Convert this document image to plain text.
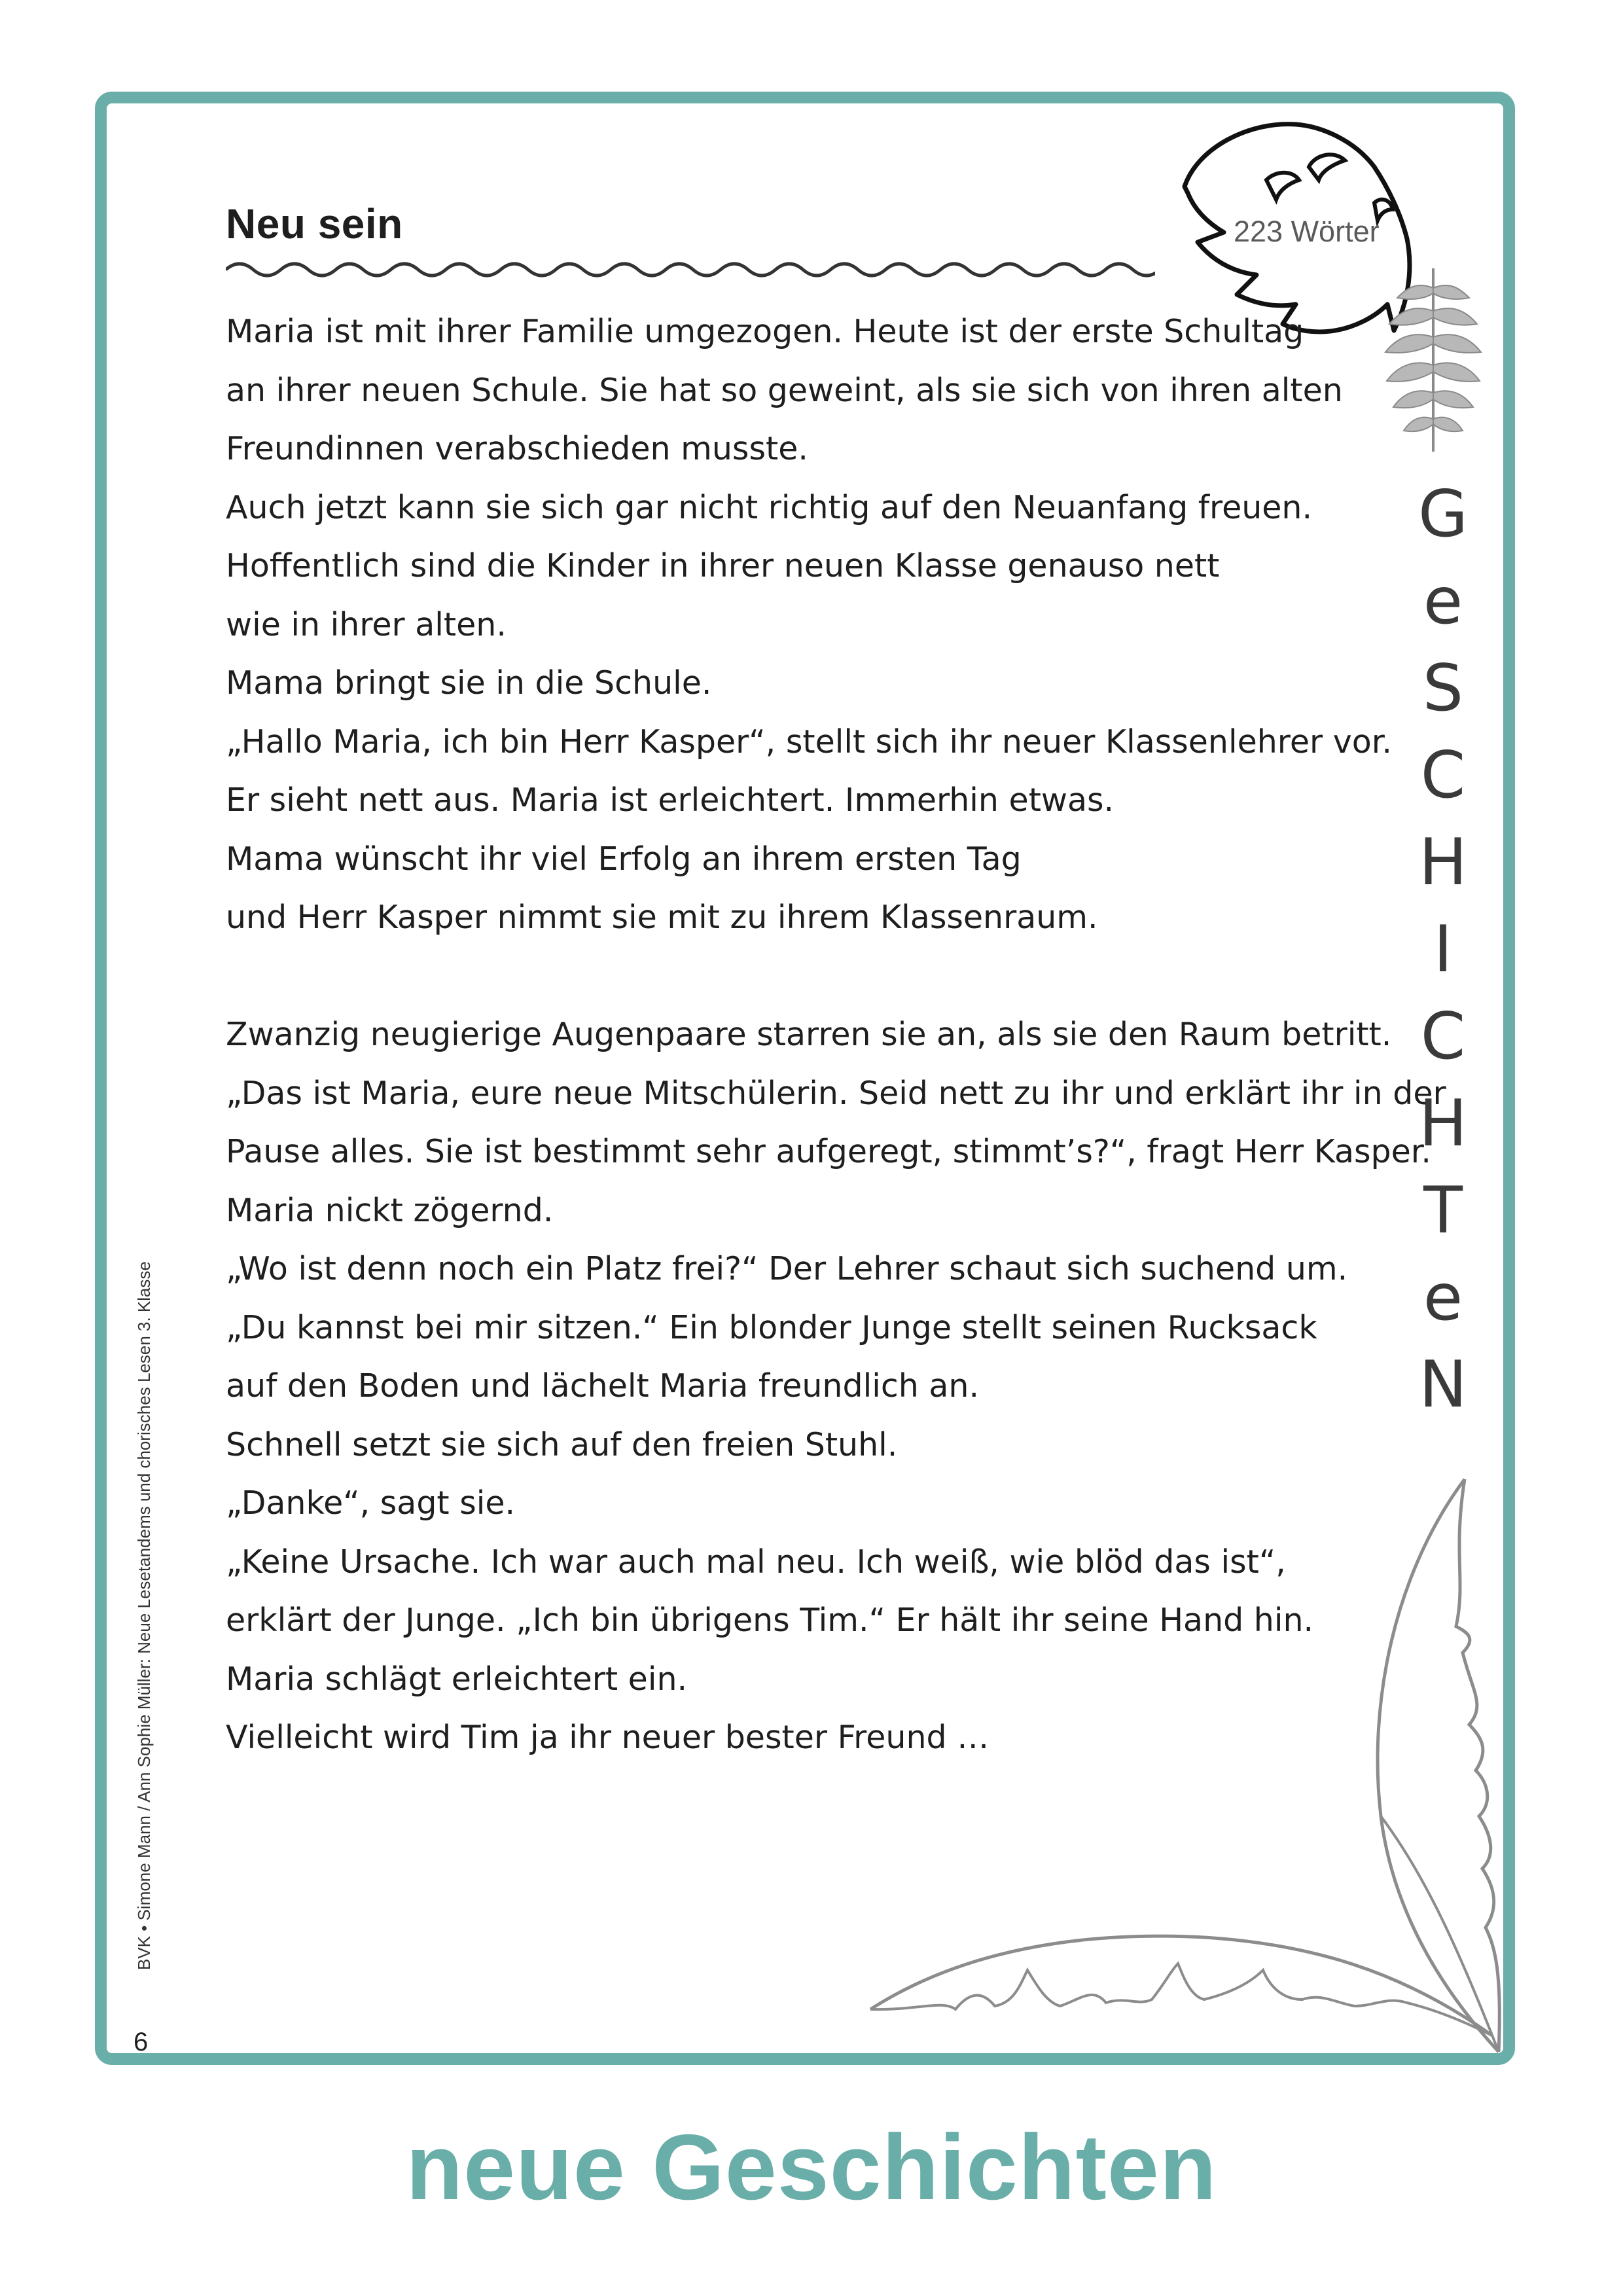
Neu sein	223 Wörter
Maria ist mit ihrer Familie umgezogen. Heute ist der erste Schultag
an ihrer neuen Schule. Sie hat so geweint, als sie sich von ihren alten
Freundinnen verabschieden musste.
Auch jetzt kann sie sich gar nicht richtig auf den Neuanfang freuen.
Hoffentlich sind die Kinder in ihrer neuen Klasse genauso nett
wie in ihrer alten.
Mama bringt sie in die Schule.
„Hallo Maria, ich bin Herr Kasper“, stellt sich ihr neuer Klassenlehrer vor.
Er sieht nett aus. Maria ist erleichtert. Immerhin etwas.
Mama wünscht ihr viel Erfolg an ihrem ersten Tag
und Herr Kasper nimmt sie mit zu ihrem Klassenraum.
Zwanzig neugierige Augenpaare starren sie an, als sie den Raum betritt.
„Das ist Maria, eure neue Mitschülerin. Seid nett zu ihr und erklärt ihr in der
Pause alles. Sie ist bestimmt sehr aufgeregt, stimmt’s?“, fragt Herr Kasper.
Maria nickt zögernd.
„Wo ist denn noch ein Platz frei?“ Der Lehrer schaut sich suchend um.
„Du kannst bei mir sitzen.“ Ein blonder Junge stellt seinen Rucksack
auf den Boden und lächelt Maria freundlich an.
Schnell setzt sie sich auf den freien Stuhl.
„Danke“, sagt sie.
„Keine Ursache. Ich war auch mal neu. Ich weiß, wie blöd das ist“,
erklärt der Junge. „Ich bin übrigens Tim.“ Er hält ihr seine Hand hin.
Maria schlägt erleichtert ein.
Vielleicht wird Tim ja ihr neuer bester Freund …
G
e
S
C
H
I
C
H
T
e
N
BVK • Simone Mann / Ann Sophie Müller: Neue Lesetandems und chorisches Lesen 3. Klasse
6
neue Geschichten
